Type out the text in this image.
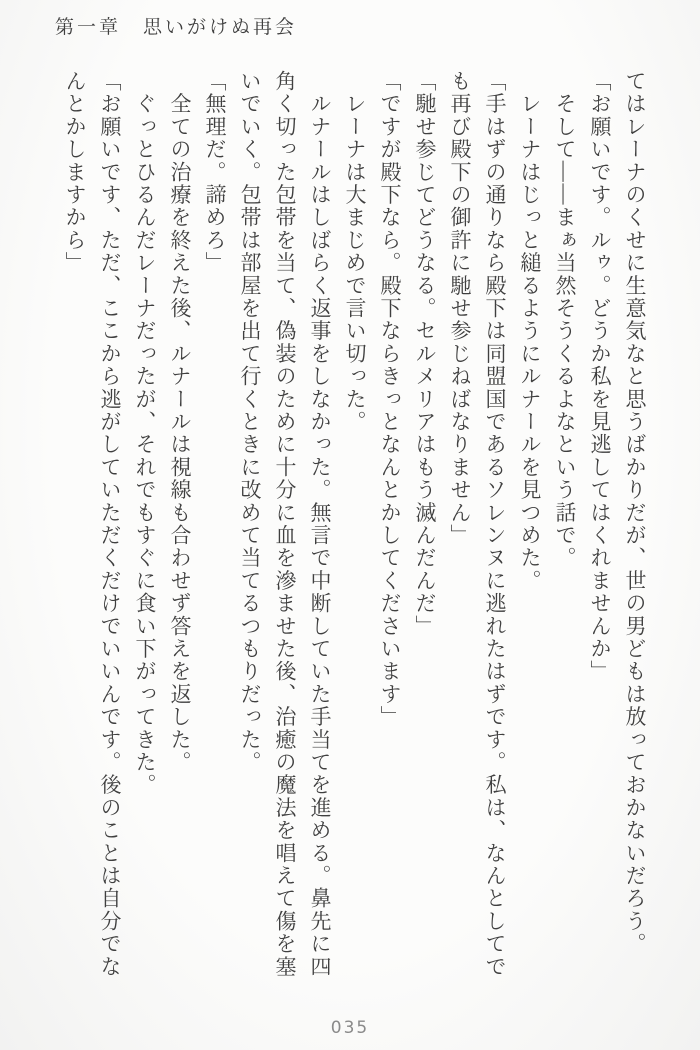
第一章　思いがけぬ再会
てはレーナのくせに生意気なと思うばかりだが、世の男どもは放っておかないだろう。
「お願いです。ルゥ。どうか私を見逃してはくれませんか」
　そして――まぁ当然そうくるよなという話で。
　レーナはじっと縋るようにルナールを見つめた。
「手はずの通りなら殿下は同盟国であるソレンヌに逃れたはずです。私は、なんとしてで
も再び殿下の御許に馳せ参じねばなりません」
「馳せ参じてどうなる。セルメリアはもう滅んだんだ」
「ですが殿下なら。殿下ならきっとなんとかしてくださいます」
　レーナは大まじめで言い切った。
　ルナールはしばらく返事をしなかった。無言で中断していた手当てを進める。鼻先に四
角く切った包帯を当て、偽装のために十分に血を滲ませた後、治癒の魔法を唱えて傷を塞
いでいく。包帯は部屋を出て行くときに改めて当てるつもりだった。
「無理だ。諦めろ」
　全ての治療を終えた後、ルナールは視線も合わせず答えを返した。
　ぐっとひるんだレーナだったが、それでもすぐに食い下がってきた。
「お願いです、ただ、ここから逃がしていただくだけでいいんです。後のことは自分でな
んとかしますから」
035
